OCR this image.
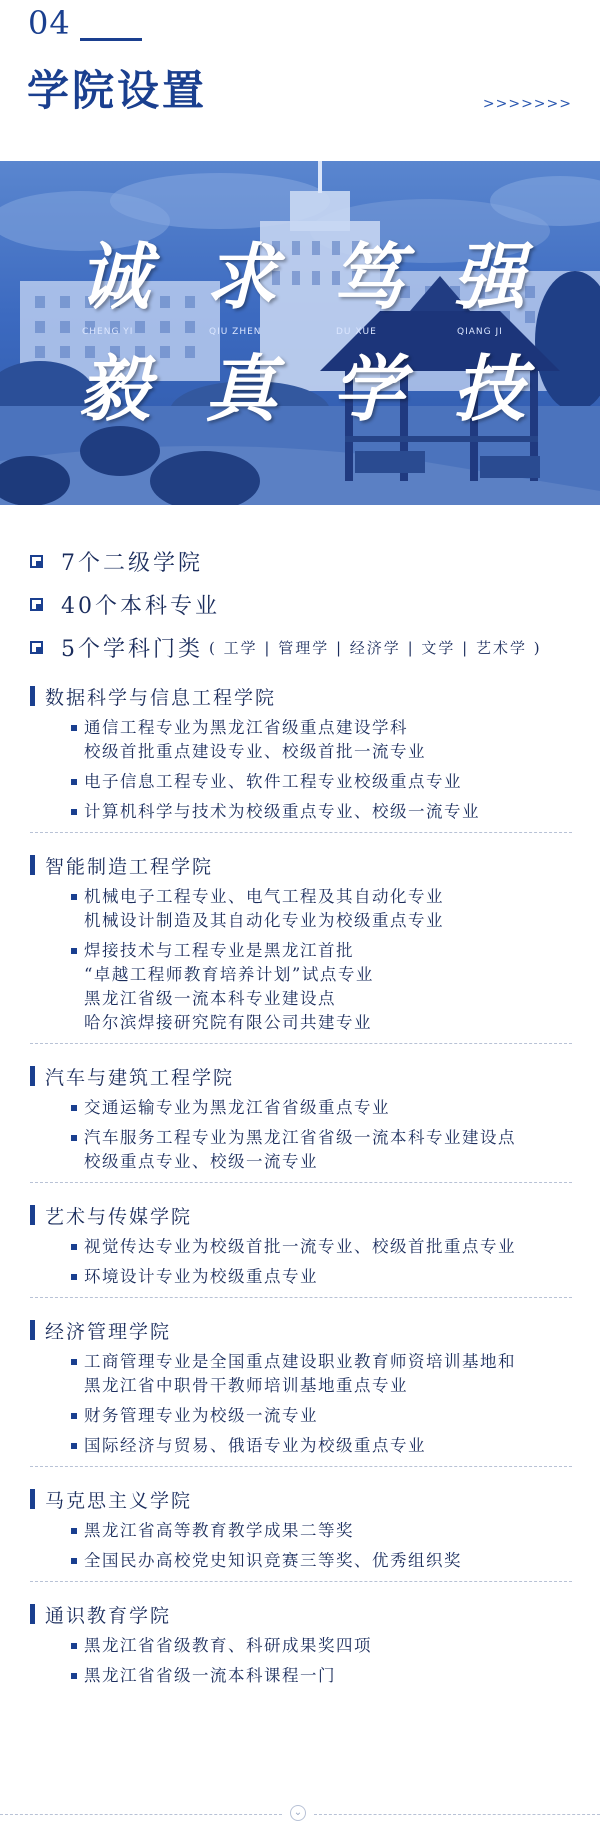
04
学院设置	>>>>>>>
诚 求 笃 强
CHENG YI	QIU ZHEN	DU XUE	QIANG JI
毅 真 学 技
7个二级学院
40个本科专业
5个学科门类 ( 工学 | 管理学 | 经济学 | 文学 | 艺术学 )
数据科学与信息工程学院
通信工程专业为黑龙江省级重点建设学科
校级首批重点建设专业、校级首批一流专业
电子信息工程专业、软件工程专业校级重点专业
计算机科学与技术为校级重点专业、校级一流专业
智能制造工程学院
机械电子工程专业、电气工程及其自动化专业
机械设计制造及其自动化专业为校级重点专业
焊接技术与工程专业是黑龙江首批
“卓越工程师教育培养计划”试点专业
黑龙江省级一流本科专业建设点
哈尔滨焊接研究院有限公司共建专业
汽车与建筑工程学院
交通运输专业为黑龙江省省级重点专业
汽车服务工程专业为黑龙江省省级一流本科专业建设点
校级重点专业、校级一流专业
艺术与传媒学院
视觉传达专业为校级首批一流专业、校级首批重点专业
环境设计专业为校级重点专业
经济管理学院
工商管理专业是全国重点建设职业教育师资培训基地和
黑龙江省中职骨干教师培训基地重点专业
财务管理专业为校级一流专业
国际经济与贸易、俄语专业为校级重点专业
马克思主义学院
黑龙江省高等教育教学成果二等奖
全国民办高校党史知识竞赛三等奖、优秀组织奖
通识教育学院
黑龙江省省级教育、科研成果奖四项
黑龙江省省级一流本科课程一门
⌄
